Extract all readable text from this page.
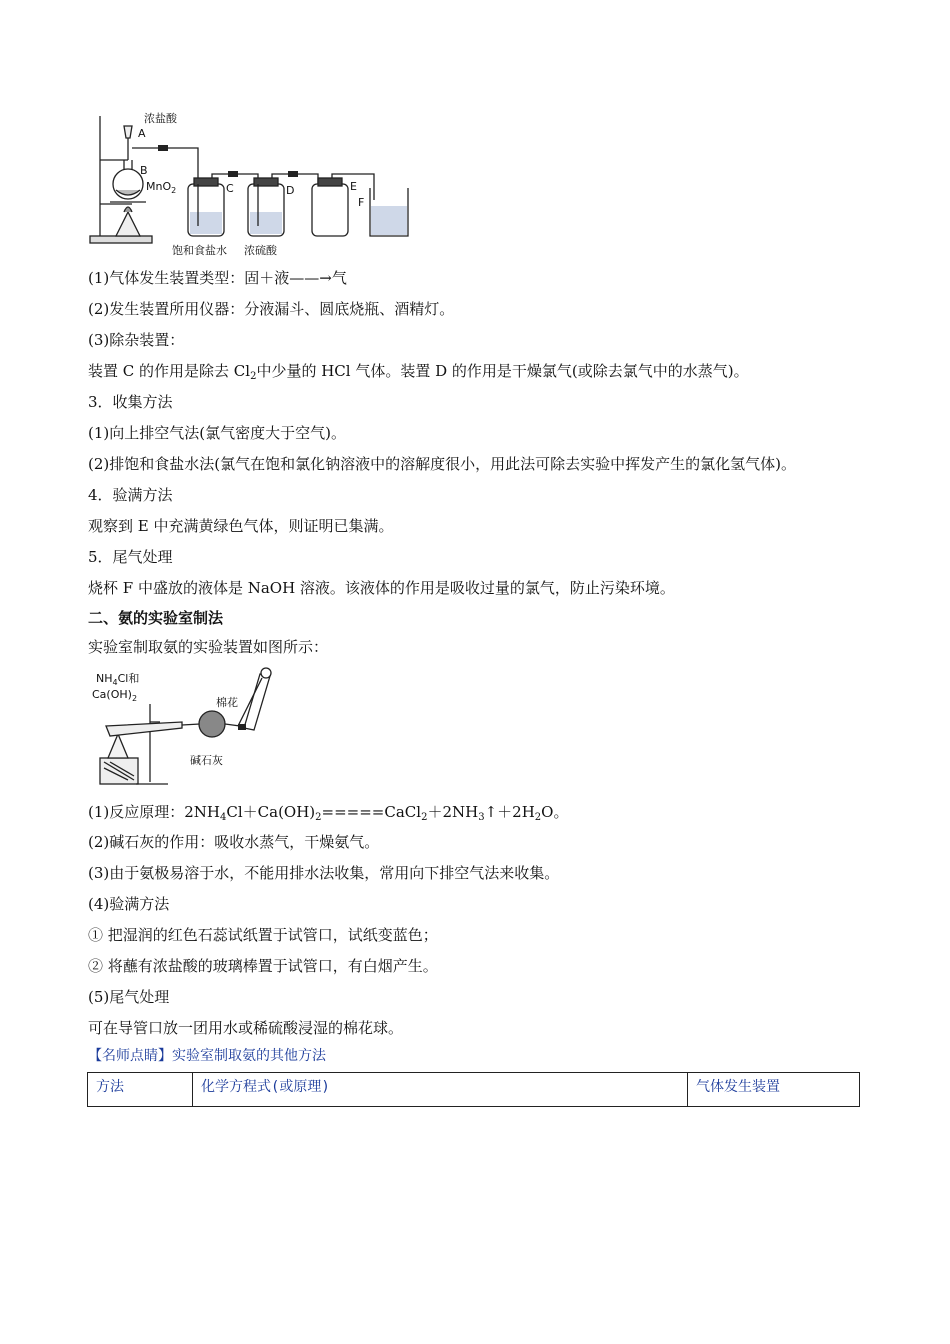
浓盐酸
A
B
MnO$_2$	C	D	E
F
饱和食盐水 浓硫酸
(1)气体发生装置类型：固＋液——→气
(2)发生装置所用仪器：分液漏斗、圆底烧瓶、酒精灯。
(3)除杂装置：
装置 C 的作用是除去 $Cl_2$中少量的 HCl 气体。装置 D 的作用是干燥氯气(或除去氯气中的水蒸气)。
3．收集方法
(1)向上排空气法(氯气密度大于空气)。
(2)排饱和食盐水法(氯气在饱和氯化钠溶液中的溶解度很小，用此法可除去实验中挥发产生的氯化氢气体)。
4．验满方法
观察到 E 中充满黄绿色气体，则证明已集满。
5．尾气处理
烧杯 F 中盛放的液体是 NaOH 溶液。该液体的作用是吸收过量的氯气，防止污染环境。
二、氨的实验室制法
实验室制取氨的实验装置如图所示：
$NH_4Cl$和
$Ca(OH)_2$	棉花
碱石灰
(1)反应原理：$2NH_4Cl+Ca(OH)_2=====CaCl_2+2NH_3↑+2H_2O$。
(2)碱石灰的作用：吸收水蒸气，干燥氨气。
(3)由于氨极易溶于水，不能用排水法收集，常用向下排空气法来收集。
(4)验满方法
① 把湿润的红色石蕊试纸置于试管口，试纸变蓝色；
② 将蘸有浓盐酸的玻璃棒置于试管口，有白烟产生。
(5)尾气处理
可在导管口放一团用水或稀硫酸浸湿的棉花球。
【名师点睛】实验室制取氨的其他方法
方法	化学方程式(或原理)	气体发生装置
